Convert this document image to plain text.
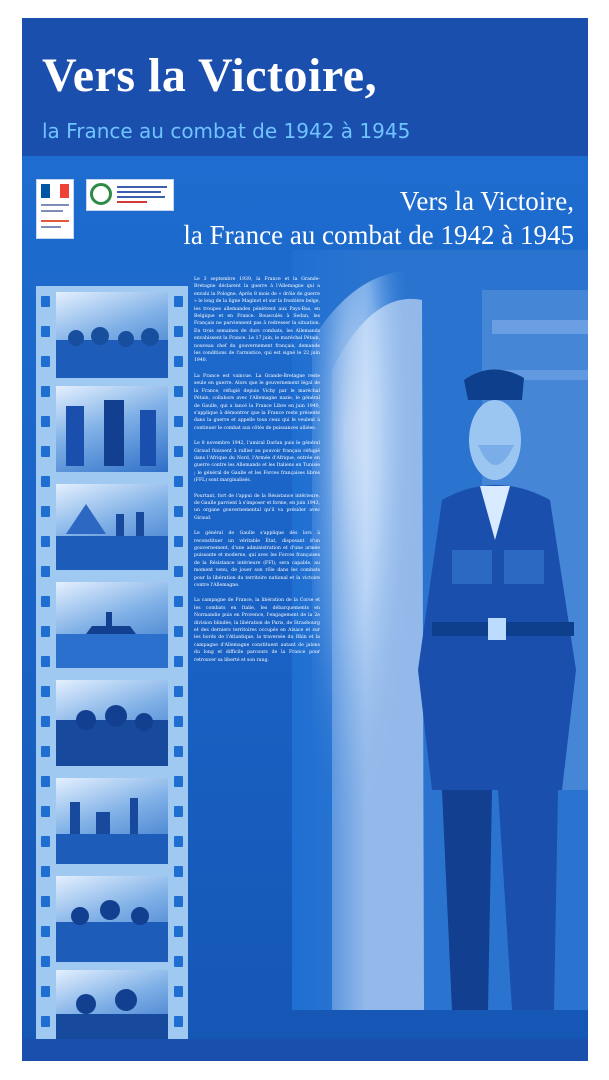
Vers la Victoire,
la France au combat de 1942 à 1945
Vers la Victoire,
la France au combat de 1942 à 1945

Le 3 septembre 1939, la France et la Grande-Bretagne déclarent la guerre à l'Allemagne qui a envahi la Pologne. Après 8 mois de « drôle de guerre » le long de la ligne Maginot et sur la frontière belge, les troupes allemandes pénètrent aux Pays-Bas, en Belgique et en France. Bousculés à Sedan, les Français ne parviennent pas à redresser la situation. En trois semaines de durs combats, les Allemands envahissent la France. Le 17 juin, le maréchal Pétain, nouveau chef du gouvernement français, demande les conditions de l'armistice, qui est signé le 22 juin 1940.

La France est vaincue. La Grande-Bretagne reste seule en guerre. Alors que le gouvernement légal de la France, réfugié depuis Vichy par le maréchal Pétain, collabore avec l'Allemagne nazie, le général de Gaulle, qui a lancé la France Libre en juin 1940, s'applique à démontrer que la France reste présente dans la guerre et appelle tous ceux qui le veulent à continuer le combat aux côtés de puissances alliées.

Le 8 novembre 1942, l'amiral Darlan puis le général Giraud finissent à rallier au pouvoir français réfugié dans l'Afrique du Nord, l'Armée d'Afrique, entrée en guerre contre les Allemands et les Italiens en Tunisie ; le général de Gaulle et les Forces françaises libres (FFL) sont marginalisés.

Pourtant, fort de l'appui de la Résistance intérieure, de Gaulle parvient à s'imposer et forme, en juin 1943, un organe gouvernemental qu'il va présider avec Giraud.

Le général de Gaulle s'applique dès lors à reconstituer un véritable État, disposant d'un gouvernement, d'une administration et d'une armée puissante et moderne, qui avec les Forces françaises de la Résistance intérieure (FFI), sera capable, au moment venu, de jouer son rôle dans les combats pour la libération du territoire national et la victoire contre l'Allemagne.

La campagne de France, la libération de la Corse et les combats en Italie, les débarquements en Normandie puis en Provence, l'engagement de la 2e division blindée, la libération de Paris, de Strasbourg et des derniers territoires occupés en Alsace et sur les bords de l'Atlantique, la traversée du Rhin et la campagne d'Allemagne constituent autant de jalons du long et difficile parcours de la France pour retrouver sa liberté et son rang.
